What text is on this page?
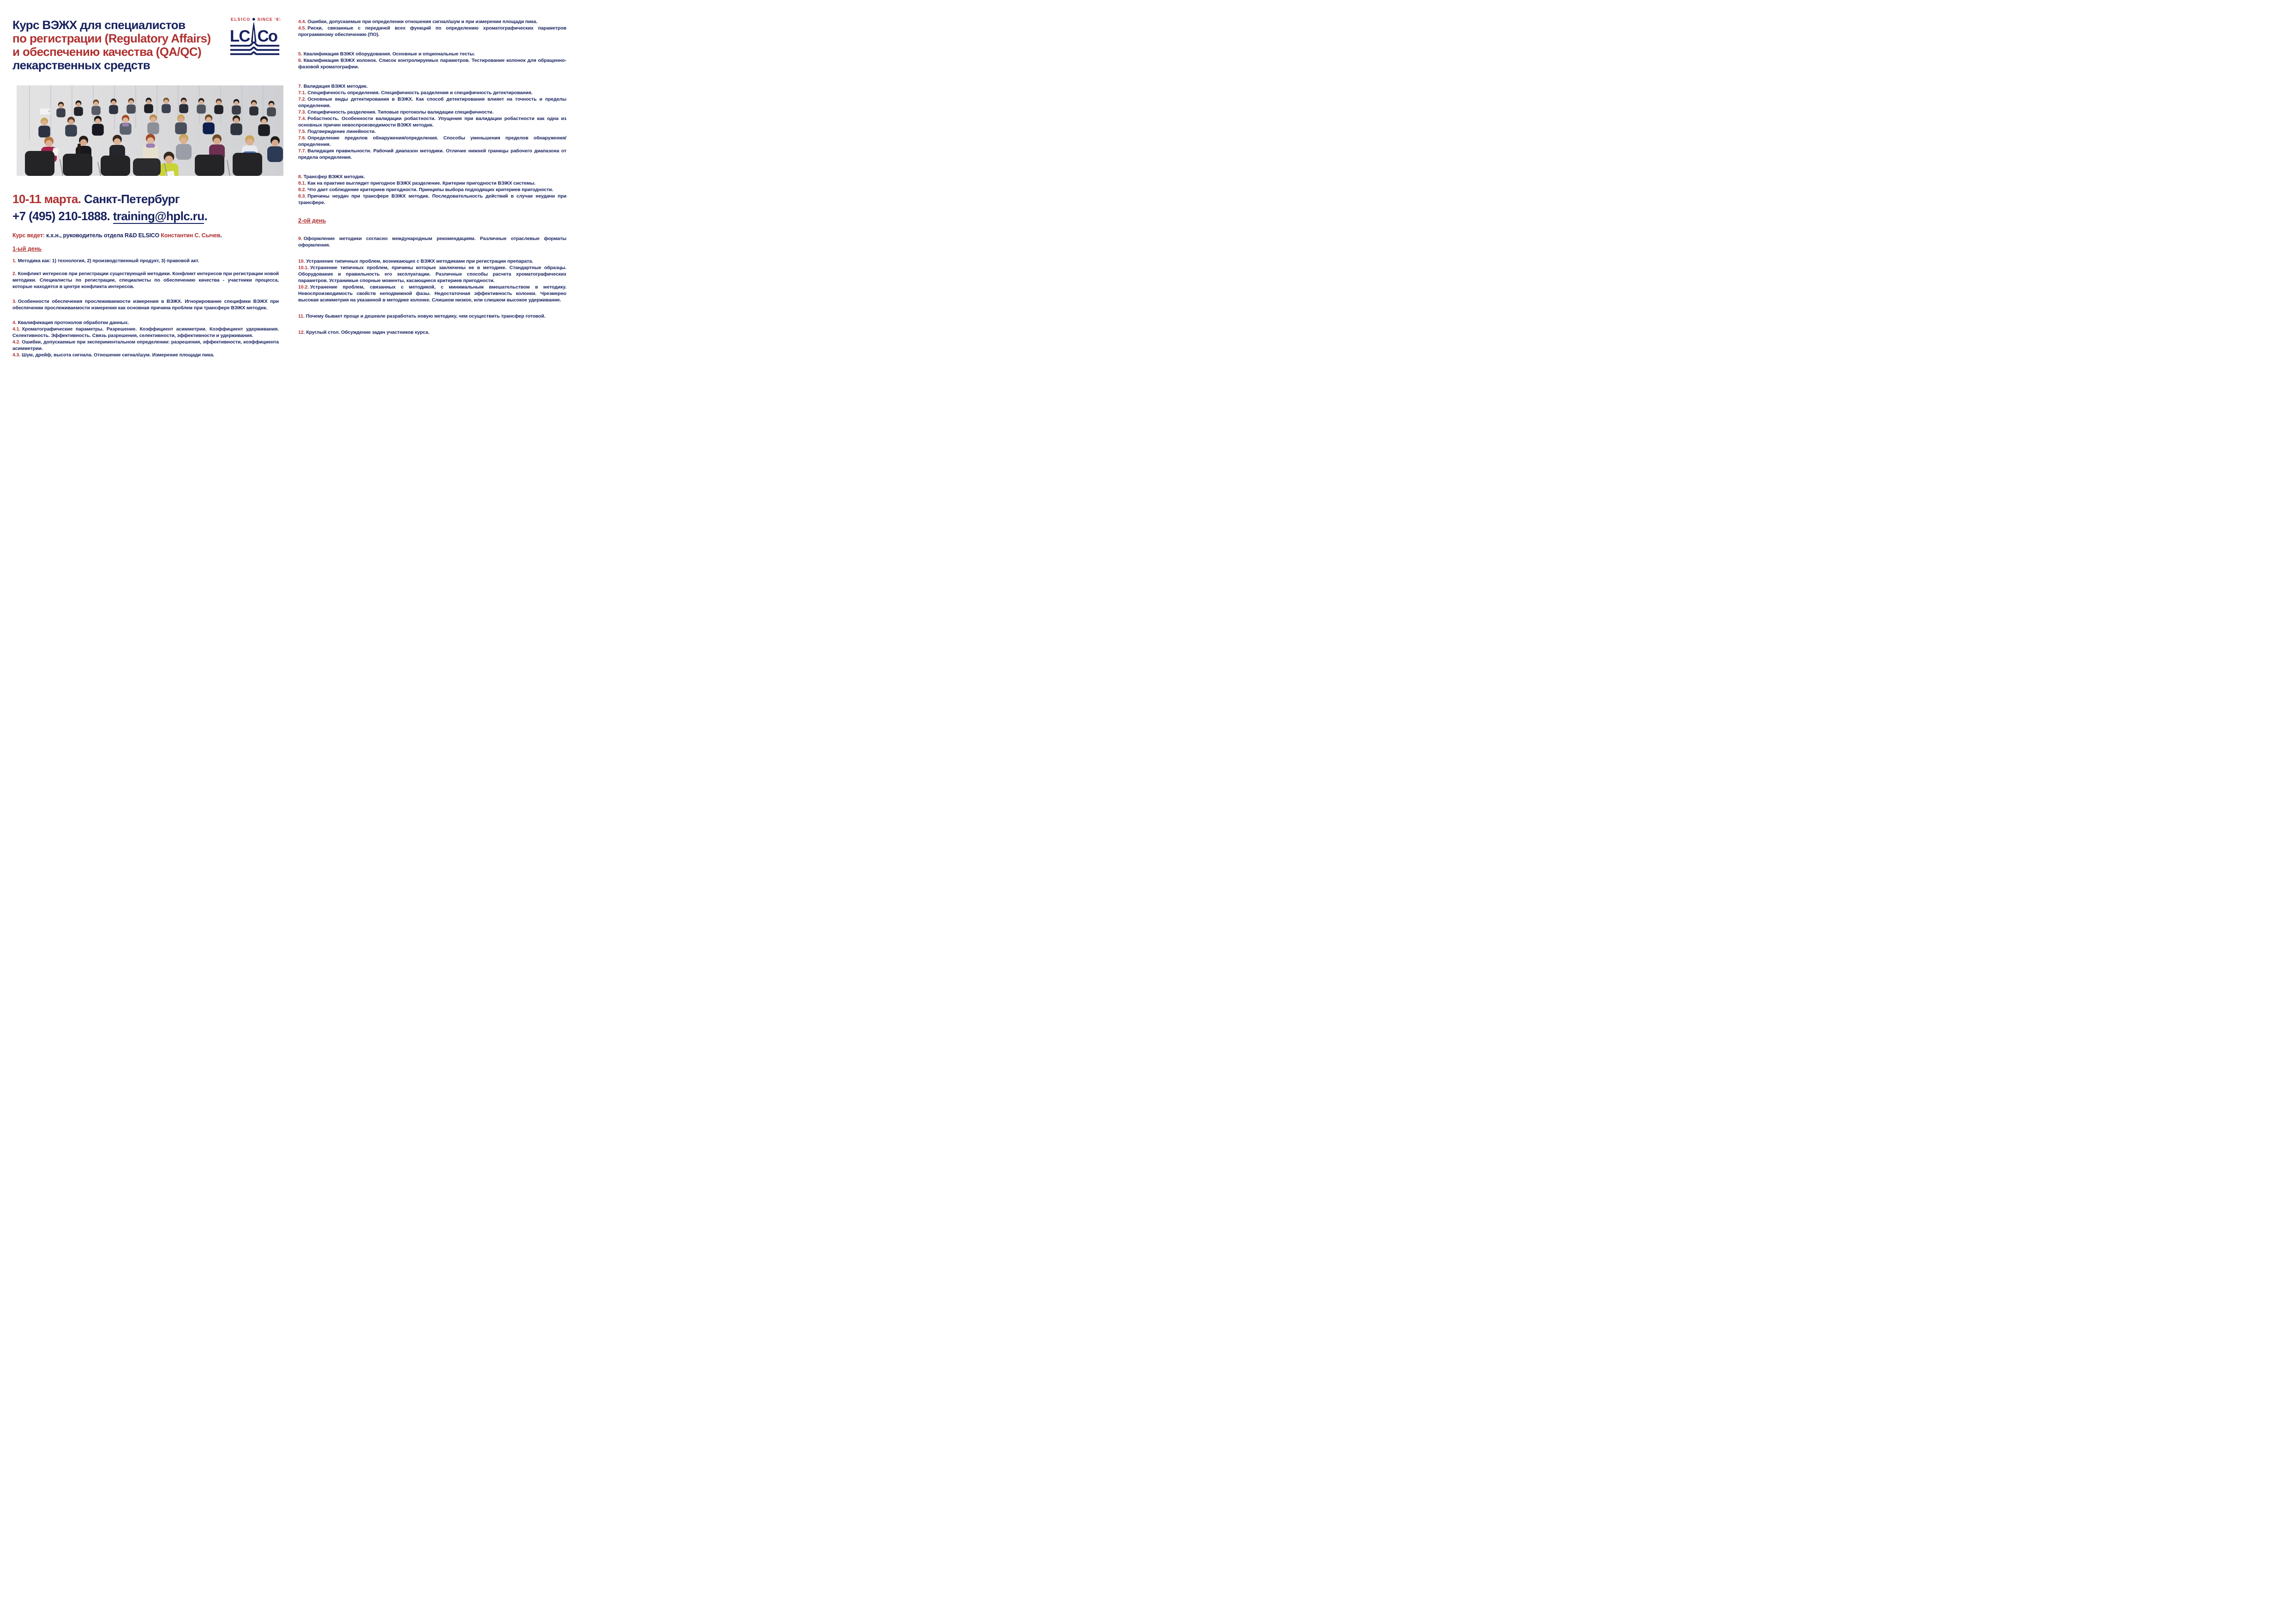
Курс ВЭЖХ для специалистов
по регистрации (Regulatory Affairs)
и обеспечению качества (QA/QC)
лекарственных средств
ELSICO SINCE ‘87
LC Co
10-11 марта. Санкт-Петербург
+7 (495) 210-1888. training@hplc.ru.

Курс ведет: к.х.н., руководитель отдела R&D ELSICO Константин С. Сычев.

1-ый день

1. Методика как: 1) технология, 2) производственный продукт, 3) правовой акт.

2. Конфликт интересов при регистрации существующей методики. Конфликт интересов при регистрации новой методики. Специалисты по регистрации, специалисты по обеспечению качества - участники процесса, которые находятся в центре конфликта интересов.

3. Особенности обеспечения прослеживаемости измерения в ВЭЖХ. Игнорирование специфики ВЭЖХ при обеспечении прослеживаемости измерения как основная причина проблем при трансфере ВЭЖХ методик.

4. Квалификация протоколов обработки данных.

4.1. Хроматографические параметры. Разрешение. Коэффициент асимметрии. Коэффициент удерживания. Селективность. Эффективность. Связь разрешения, селективности, эффективности и удерживания.

4.2. Ошибки, допускаемые при экспериментальном определении: разрешения, эффективности, коэффициента асимметрии.

4.3. Шум, дрейф, высота сигнала. Отношение сигнал/шум. Измерение площади пика.

4.4. Ошибки, допускаемые при определении отношения сигнал/шум и при измерении площади пика.

4.5. Риски, связанные с передачей всех функций по определению хроматографических параметров программному обеспечению (ПО).

5. Квалификация ВЭЖХ оборудования. Основные и опциональные тесты.

6. Квалификация ВЭЖХ колонок. Список контролируемых параметров. Тестирование колонок для обращенно-фазовой хроматографии.

7. Валидация ВЭЖХ методик.

7.1. Специфичность определения. Специфичность разделения и специфичность детектирования.

7.2. Основные виды детектирования в ВЭЖХ. Как способ детектирования влияет на точность и пределы определения.

7.3. Специфичность разделения. Типовые протоколы валидации специфичности.

7.4. Робастность. Особенности валидации робастности. Упущения при валидации робастности как одна из основных причин невоспроизводимости ВЭЖХ методик.

7.5. Подтверждение линейности.

7.6. Определение пределов обнаружения/определения. Способы уменьшения пределов обнаружения/определения.

7.7. Валидация правильности. Рабочий диапазон методики. Отличие нижней границы рабочего диапазона от предела определения.

8. Трансфер ВЭЖХ методик.

8.1. Как на практике выглядит пригодное ВЭЖХ разделение. Критерии пригодности ВЭЖХ системы.

8.2. Что дает соблюдение критериев пригодности. Принципы выбора подходящих критериев пригодности.

8.3. Причины неудач при трансфере ВЭЖХ методик. Последовательность действий в случае неудачи при трансфере.

2-ой день

9. Оформление методики согласно международным рекомендациям. Различные отраслевые форматы оформления.

10. Устранение типичных проблем, возникающих с ВЭЖХ методиками при регистрации препарата.

10.1. Устранение типичных проблем, причины которые заключены не в методике. Стандартные образцы. Оборудование и правильность его эксплуатации. Различные способы расчета хроматографических параметров. Устранимые спорные моменты, касающиеся критериев пригодности.

10.2. Устранение проблем, связанных с методикой, с минимальным вмешательством в методику. Невоспроизводимость свойств неподвижной фазы. Недостаточная эффективность колонки. Чрезмерно высокая асимметрия на указанной в методике колонке. Слишком низкое, или слишком высокое удерживание.

11. Почему бывает проще и дешевле разработать новую методику, чем осуществить трансфер готовой.

12. Круглый стол. Обсуждение задач участников курса.
